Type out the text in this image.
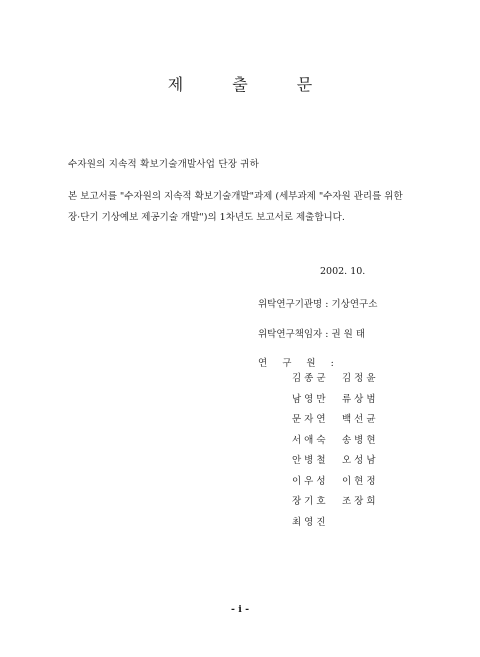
제 출 문
수자원의 지속적 확보기술개발사업 단장 귀하
본 보고서를 "수자원의 지속적 확보기술개발"과제 (세부과제 "수자원 관리를 위한
장·단기 기상예보 제공기술 개발")의 1차년도 보고서로 제출합니다.
2002. 10.
위탁연구기관명 : 기상연구소
위탁연구책임자 : 권 원 태
연 구 원 :
김종군	김정윤
남영만	류상범
문자연	백선균
서애숙	송병현
안병철	오성남
이우성	이현정
장기호	조장희
최영진
- i -
